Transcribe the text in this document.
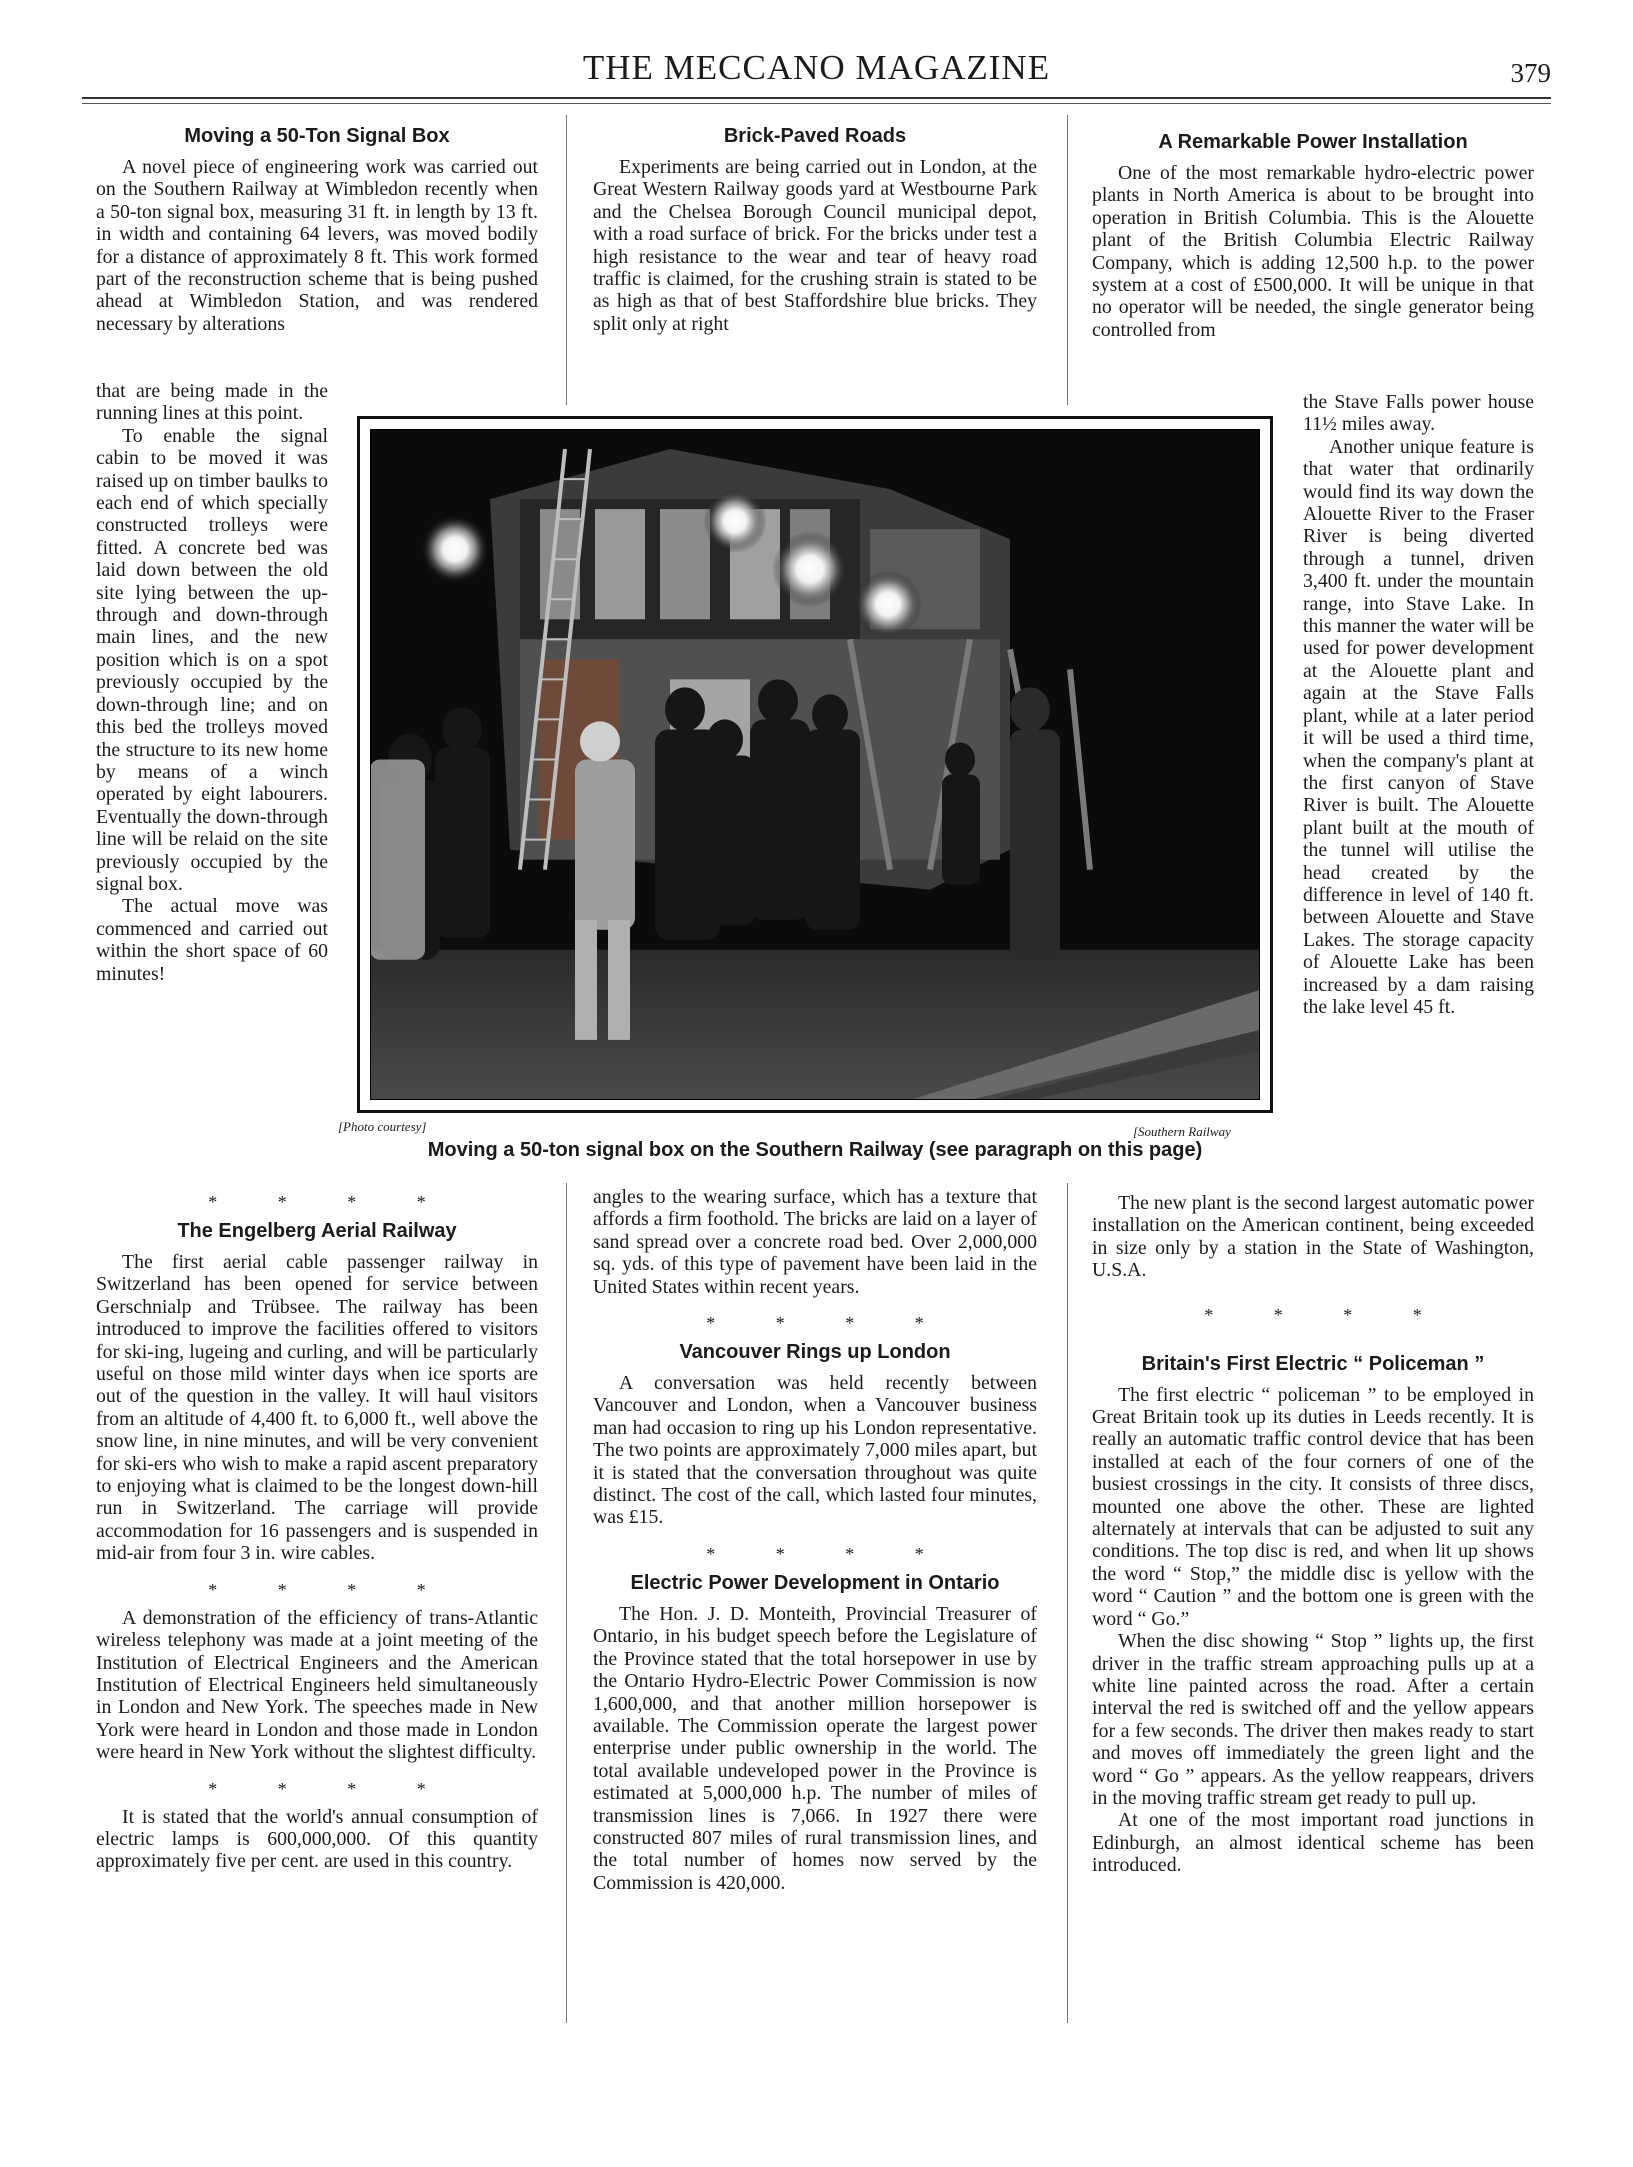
THE MECCANO MAGAZINE	379
Moving a 50-Ton Signal Box

A novel piece of engineering work was carried out on the Southern Railway at Wimbledon recently when a 50-ton signal box, measuring 31 ft. in length by 13 ft. in width and containing 64 levers, was moved bodily for a distance of approximately 8 ft. This work formed part of the reconstruction scheme that is being pushed ahead at Wimbledon Station, and was rendered necessary by alterations

that are being made in the running lines at this point.

To enable the signal cabin to be moved it was raised up on timber baulks to each end of which specially constructed trolleys were fitted. A concrete bed was laid down between the old site lying between the up-through and down-through main lines, and the new position which is on a spot previously occupied by the down-through line; and on this bed the trolleys moved the structure to its new home by means of a winch operated by eight labourers. Eventually the down-through line will be relaid on the site previously occupied by the signal box.

The actual move was commenced and carried out within the short space of 60 minutes!

* * * *
The Engelberg Aerial Railway

The first aerial cable passenger railway in Switzerland has been opened for service between Gerschnialp and Trübsee. The railway has been introduced to improve the facilities offered to visitors for ski-ing, lugeing and curling, and will be particularly useful on those mild winter days when ice sports are out of the question in the valley. It will haul visitors from an altitude of 4,400 ft. to 6,000 ft., well above the snow line, in nine minutes, and will be very convenient for ski-ers who wish to make a rapid ascent preparatory to enjoying what is claimed to be the longest down-hill run in Switzerland. The carriage will provide accommodation for 16 passengers and is suspended in mid-air from four 3 in. wire cables.

* * * *

A demonstration of the efficiency of trans-Atlantic wireless telephony was made at a joint meeting of the Institution of Electrical Engineers and the American Institution of Electrical Engineers held simultaneously in London and New York. The speeches made in New York were heard in London and those made in London were heard in New York without the slightest difficulty.

* * * *

It is stated that the world's annual consumption of electric lamps is 600,000,000. Of this quantity approximately five per cent. are used in this country.

Brick-Paved Roads

Experiments are being carried out in London, at the Great Western Railway goods yard at Westbourne Park and the Chelsea Borough Council municipal depot, with a road surface of brick. For the bricks under test a high resistance to the wear and tear of heavy road traffic is claimed, for the crushing strain is stated to be as high as that of best Staffordshire blue bricks. They split only at right

angles to the wearing surface, which has a texture that affords a firm foothold. The bricks are laid on a layer of sand spread over a concrete road bed. Over 2,000,000 sq. yds. of this type of pavement have been laid in the United States within recent years.

* * * *
Vancouver Rings up London

A conversation was held recently between Vancouver and London, when a Vancouver business man had occasion to ring up his London representative. The two points are approximately 7,000 miles apart, but it is stated that the conversation throughout was quite distinct. The cost of the call, which lasted four minutes, was £15.

* * * *
Electric Power Development in Ontario

The Hon. J. D. Monteith, Provincial Treasurer of Ontario, in his budget speech before the Legislature of the Province stated that the total horsepower in use by the Ontario Hydro-Electric Power Commission is now 1,600,000, and that another million horsepower is available. The Commission operate the largest power enterprise under public ownership in the world. The total available undeveloped power in the Province is estimated at 5,000,000 h.p. The number of miles of transmission lines is 7,066. In 1927 there were constructed 807 miles of rural transmission lines, and the total number of homes now served by the Commission is 420,000.

A Remarkable Power Installation

One of the most remarkable hydro-electric power plants in North America is about to be brought into operation in British Columbia. This is the Alouette plant of the British Columbia Electric Railway Company, which is adding 12,500 h.p. to the power system at a cost of £500,000. It will be unique in that no operator will be needed, the single generator being controlled from

the Stave Falls power house 11½ miles away.

Another unique feature is that water that ordinarily would find its way down the Alouette River to the Fraser River is being diverted through a tunnel, driven 3,400 ft. under the mountain range, into Stave Lake. In this manner the water will be used for power development at the Alouette plant and again at the Stave Falls plant, while at a later period it will be used a third time, when the company's plant at the first canyon of Stave River is built. The Alouette plant built at the mouth of the tunnel will utilise the head created by the difference in level of 140 ft. between Alouette and Stave Lakes. The storage capacity of Alouette Lake has been increased by a dam raising the lake level 45 ft.

The new plant is the second largest automatic power installation on the American continent, being exceeded in size only by a station in the State of Washington, U.S.A.

* * * *
Britain's First Electric “ Policeman ”

The first electric “ policeman ” to be employed in Great Britain took up its duties in Leeds recently. It is really an automatic traffic control device that has been installed at each of the four corners of one of the busiest crossings in the city. It consists of three discs, mounted one above the other. These are lighted alternately at intervals that can be adjusted to suit any conditions. The top disc is red, and when lit up shows the word “ Stop,” the middle disc is yellow with the word “ Caution ” and the bottom one is green with the word “ Go.”

When the disc showing “ Stop ” lights up, the first driver in the traffic stream approaching pulls up at a white line painted across the road. After a certain interval the red is switched off and the yellow appears for a few seconds. The driver then makes ready to start and moves off immediately the green light and the word “ Go ” appears. As the yellow reappears, drivers in the moving traffic stream get ready to pull up.

At one of the most important road junctions in Edinburgh, an almost identical scheme has been introduced.

[Photo courtesy]	[Southern Railway
Moving a 50-ton signal box on the Southern Railway (see paragraph on this page)
